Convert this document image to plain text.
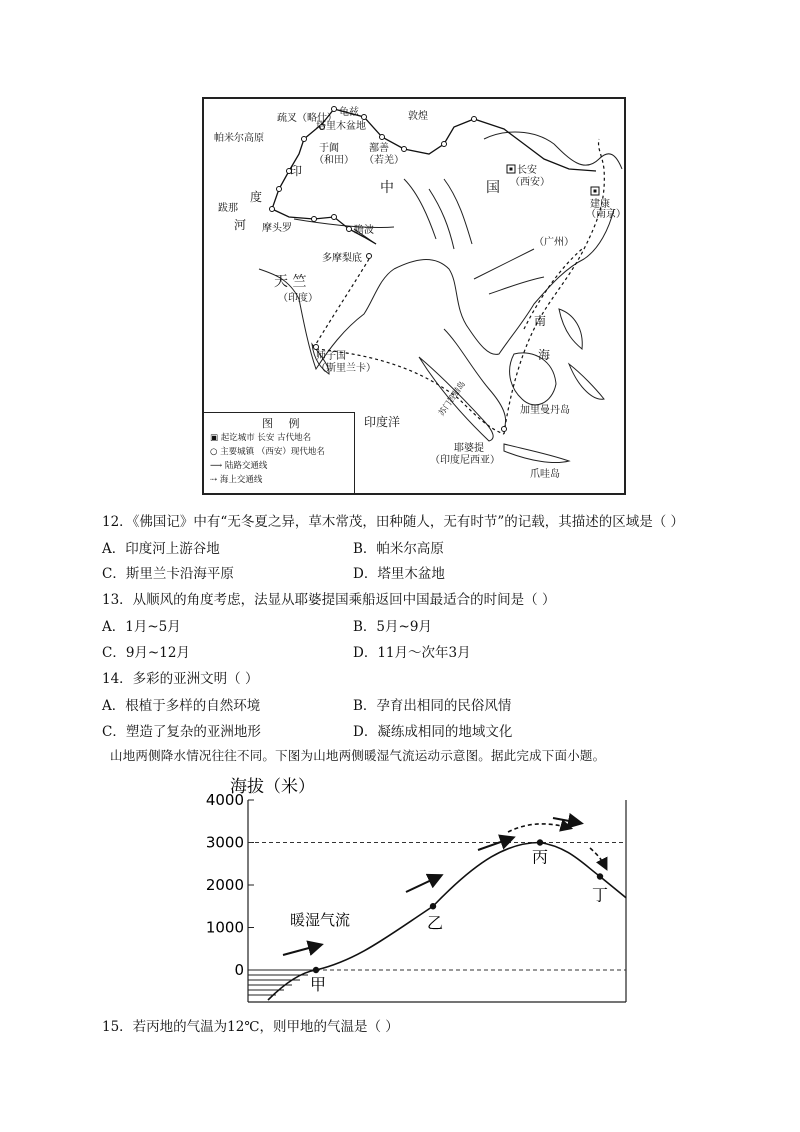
疏叉（略什）
龟兹
塔里木盆地
帕米尔高原
于阗
（和田）
鄯善
（若羌）
敦煌
长安
（西安）
建康
（南京）
（广州）
印
度
河
跋那
摩头罗	瞻波
多摩梨底
天 竺
（印度）
师子国
（斯里兰卡）
中	国
南
海
印度洋
加里曼丹岛
耶婆提
（印度尼西亚）
爪哇岛
苏门答腊岛
图 例
▣ 起讫城市 长安 古代地名
○ 主要城镇 （西安）现代地名
⟶ 陆路交通线
⇢ 海上交通线
12．《佛国记》中有“无冬夏之异，草木常茂，田种随人，无有时节”的记载，其描述的区域是（ ）
A．印度河上游谷地	B．帕米尔高原
C．斯里兰卡沿海平原	D．塔里木盆地
13．从顺风的角度考虑，法显从耶婆提国乘船返回中国最适合的时间是（ ）
A．1月~5月	B．5月~9月
C．9月~12月	D．11月～次年3月
14．多彩的亚洲文明（ ）
A．根植于多样的自然环境	B．孕育出相同的民俗风情
C．塑造了复杂的亚洲地形	D．凝练成相同的地域文化
山地两侧降水情况往往不同。下图为山地两侧暖湿气流运动示意图。据此完成下面小题。
海拔（米）
4000
3000
2000
1000
0
甲
乙
丙
丁
暖湿气流
15．若丙地的气温为12℃，则甲地的气温是（ ）
